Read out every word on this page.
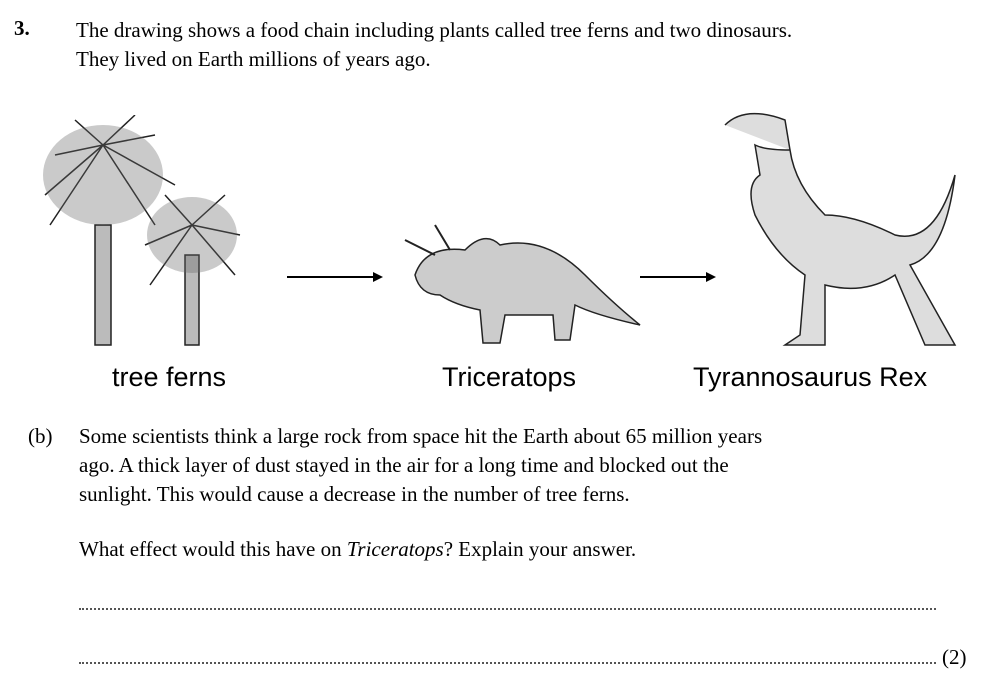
3. The drawing shows a food chain including plants called tree ferns and two dinosaurs.
They lived on Earth millions of years ago.
tree ferns	Triceratops	Tyrannosaurus Rex
(b) Some scientists think a large rock from space hit the Earth about 65 million years
ago. A thick layer of dust stayed in the air for a long time and blocked out the
sunlight. This would cause a decrease in the number of tree ferns.
What effect would this have on Triceratops? Explain your answer.
(2)
